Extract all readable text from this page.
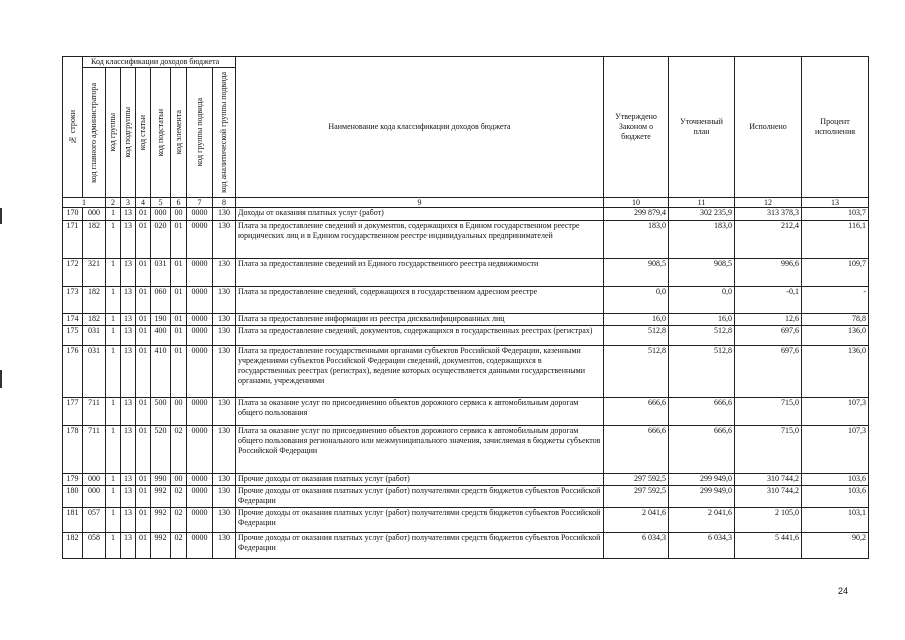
№ строки	Код классификации доходов бюджета								Наименование кода классификации доходов бюджета	Утверждено Законом о бюджете	Уточненный план	Исполнено	Процент исполнения

	код главного администратора	код группы	код подгруппы	код статьи	код подстатьи	код элемента	код группы подвида	код аналитической группы подвида					

1		2	3	4	5	6	7	8	9	10	11	12	13
170	000	1	13	01	000	00	0000	130	Доходы от оказания платных услуг (работ)	299 879,4	302 235,9	313 378,3	103,7
171	182	1	13	01	020	01	0000	130	Плата за предоставление сведений и документов, содержащихся в Едином государственном реестре юридических лиц и в Едином государственном реестре индивидуальных предпринимателей	183,0	183,0	212,4	116,1
172	321	1	13	01	031	01	0000	130	Плата за предоставление сведений из Единого государственного реестра недвижимости	908,5	908,5	996,6	109,7
173	182	1	13	01	060	01	0000	130	Плата за предоставление сведений, содержащихся в государственном адресном реестре	0,0	0,0	-0,1	-
174	182	1	13	01	190	01	0000	130	Плата за предоставление информации из реестра дисквалифицированных лиц	16,0	16,0	12,6	78,8
175	031	1	13	01	400	01	0000	130	Плата за предоставление сведений, документов, содержащихся в государственных реестрах (регистрах)	512,8	512,8	697,6	136,0
176	031	1	13	01	410	01	0000	130	Плата за предоставление государственными органами субъектов Российской Федерации, казенными учреждениями субъектов Российской Федерации сведений, документов, содержащихся в государственных реестрах (регистрах), ведение которых осуществляется данными государственными органами, учреждениями	512,8	512,8	697,6	136,0
177	711	1	13	01	500	00	0000	130	Плата за оказание услуг по присоединению объектов дорожного сервиса к автомобильным дорогам общего пользования	666,6	666,6	715,0	107,3
178	711	1	13	01	520	02	0000	130	Плата за оказание услуг по присоединению объектов дорожного сервиса к автомобильным дорогам общего пользования регионального или межмуниципального значения, зачисляемая в бюджеты субъектов Российской Федерации	666,6	666,6	715,0	107,3
179	000	1	13	01	990	00	0000	130	Прочие доходы от оказания платных услуг (работ)	297 592,5	299 949,0	310 744,2	103,6
180	000	1	13	01	992	02	0000	130	Прочие доходы от оказания платных услуг (работ) получателями средств бюджетов субъектов Российской Федерации	297 592,5	299 949,0	310 744,2	103,6
181	057	1	13	01	992	02	0000	130	Прочие доходы от оказания платных услуг (работ) получателями средств бюджетов субъектов Российской Федерации	2 041,6	2 041,6	2 105,0	103,1
182	058	1	13	01	992	02	0000	130	Прочие доходы от оказания платных услуг (работ) получателями средств бюджетов субъектов Российской Федерации	6 034,3	6 034,3	5 441,6	90,2
24
